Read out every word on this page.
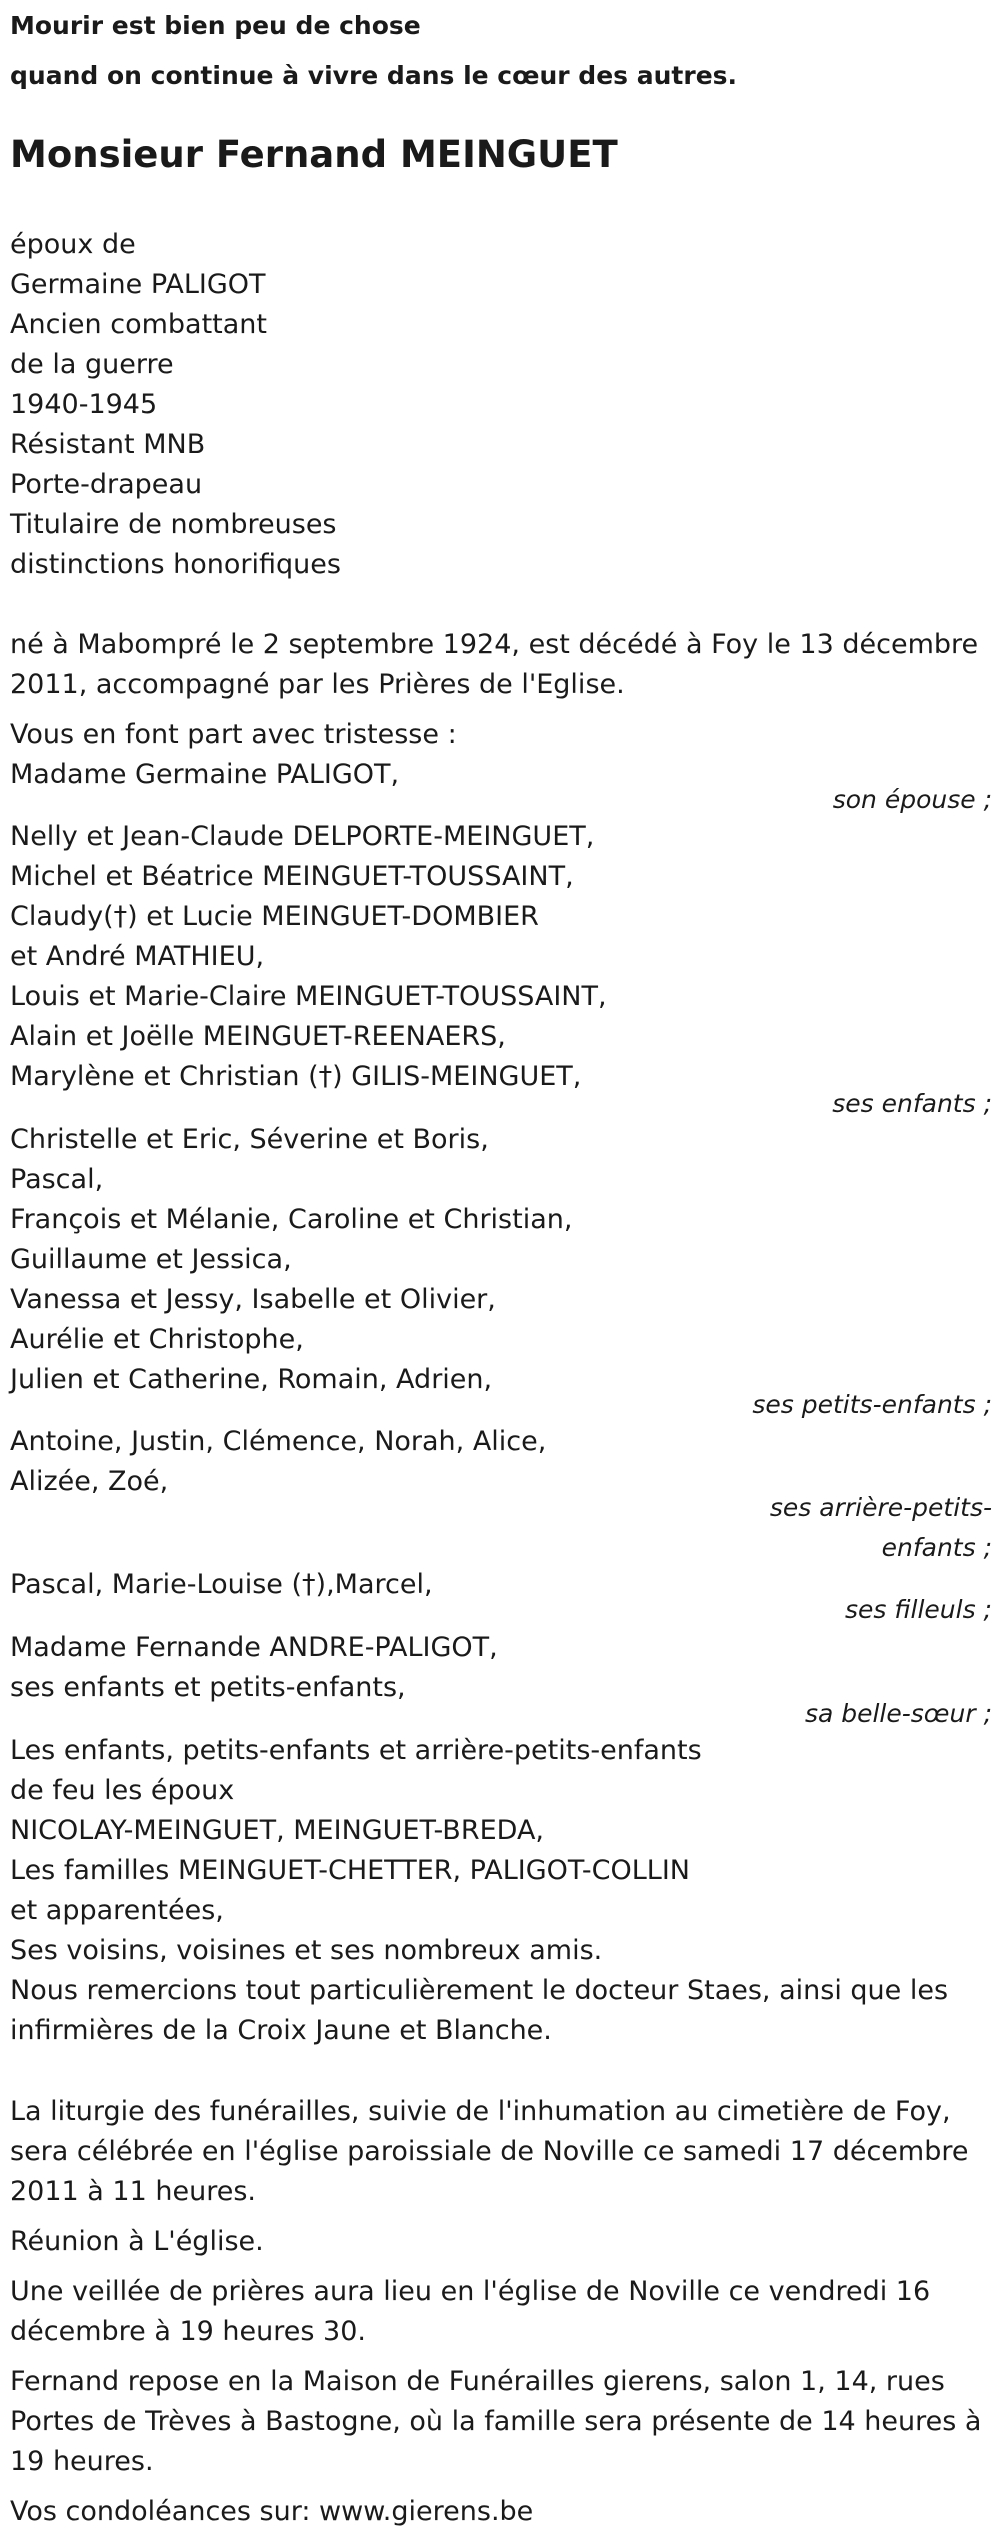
Mourir est bien peu de chose
quand on continue à vivre dans le cœur des autres.
Monsieur Fernand MEINGUET
époux de
Germaine PALIGOT
Ancien combattant
de la guerre
1940-1945
Résistant MNB
Porte-drapeau
Titulaire de nombreuses
distinctions honorifiques
né à Mabompré le 2 septembre 1924, est décédé à Foy le 13 décembre
2011, accompagné par les Prières de l'Eglise.
Vous en font part avec tristesse :
Madame Germaine PALIGOT,
son épouse ;
Nelly et Jean-Claude DELPORTE-MEINGUET,
Michel et Béatrice MEINGUET-TOUSSAINT,
Claudy(†) et Lucie MEINGUET-DOMBIER
et André MATHIEU,
Louis et Marie-Claire MEINGUET-TOUSSAINT,
Alain et Joëlle MEINGUET-REENAERS,
Marylène et Christian (†) GILIS-MEINGUET,
ses enfants ;
Christelle et Eric, Séverine et Boris,
Pascal,
François et Mélanie, Caroline et Christian,
Guillaume et Jessica,
Vanessa et Jessy, Isabelle et Olivier,
Aurélie et Christophe,
Julien et Catherine, Romain, Adrien,
ses petits-enfants ;
Antoine, Justin, Clémence, Norah, Alice,
Alizée, Zoé,
ses arrière-petits-
enfants ;
Pascal, Marie-Louise (†),Marcel,
ses filleuls ;
Madame Fernande ANDRE-PALIGOT,
ses enfants et petits-enfants,
sa belle-sœur ;
Les enfants, petits-enfants et arrière-petits-enfants
de feu les époux
NICOLAY-MEINGUET, MEINGUET-BREDA,
Les familles MEINGUET-CHETTER, PALIGOT-COLLIN
et apparentées,
Ses voisins, voisines et ses nombreux amis.
Nous remercions tout particulièrement le docteur Staes, ainsi que les
infirmières de la Croix Jaune et Blanche.
La liturgie des funérailles, suivie de l'inhumation au cimetière de Foy,
sera célébrée en l'église paroissiale de Noville ce samedi 17 décembre
2011 à 11 heures.
Réunion à L'église.
Une veillée de prières aura lieu en l'église de Noville ce vendredi 16
décembre à 19 heures 30.
Fernand repose en la Maison de Funérailles gierens, salon 1, 14, rues
Portes de Trèves à Bastogne, où la famille sera présente de 14 heures à
19 heures.
Vos condoléances sur: www.gierens.be
